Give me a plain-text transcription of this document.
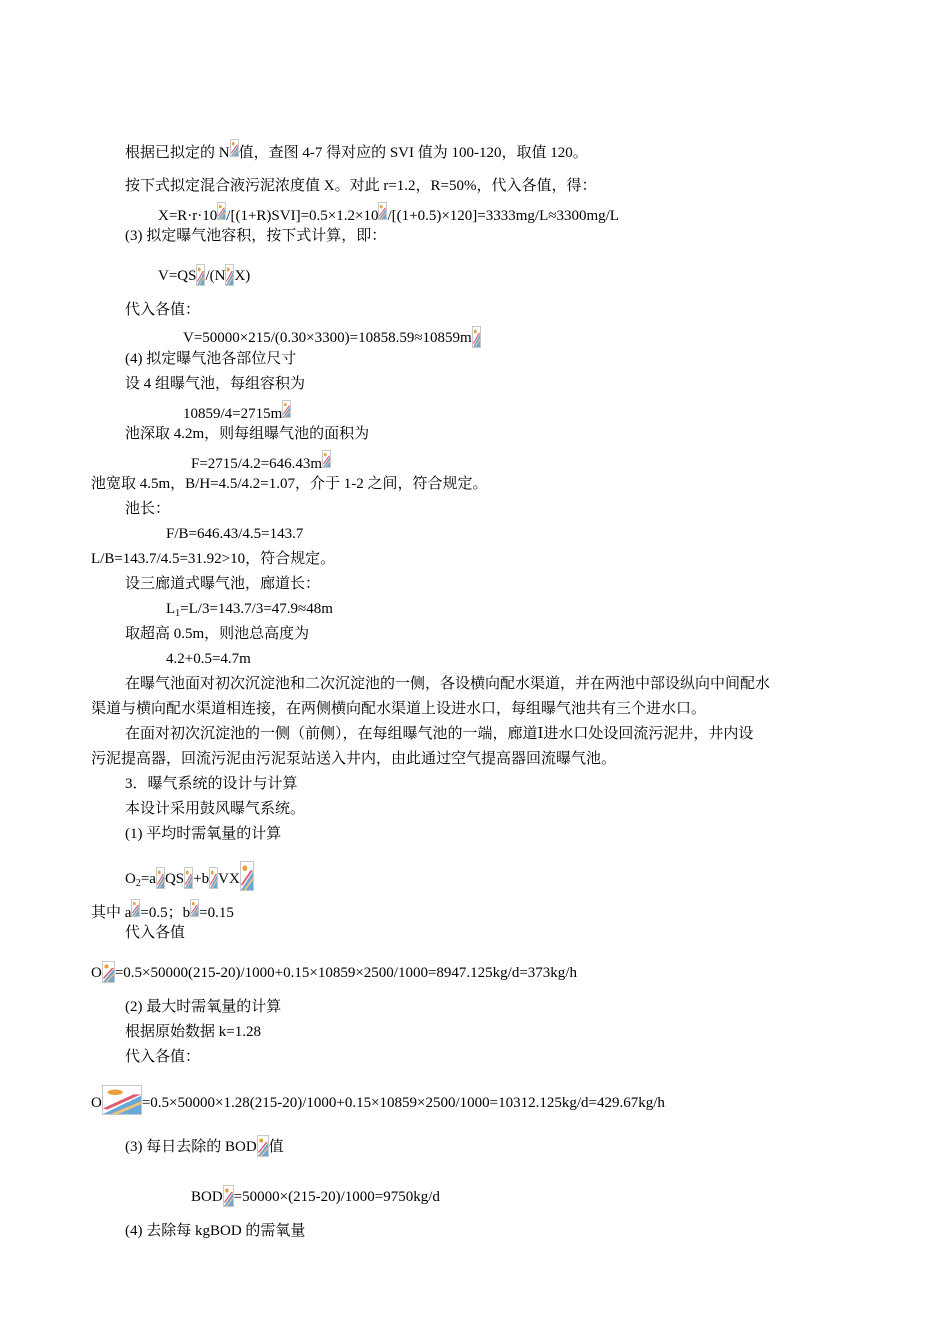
根据已拟定的 N 值，查图 4-7 得对应的 SVI 值为 100-120，取值 120。
按下式拟定混合液污泥浓度值 X。对此 r=1.2，R=50%，代入各值，得：
X=R·r·10 /[(1+R)SVI]=0.5×1.2×10 /[(1+0.5)×120]=3333mg/L≈3300mg/L
(3) 拟定曝气池容积，按下式计算，即：
V=QS /(N X)
代入各值：
V=50000×215/(0.30×3300)=10858.59≈10859m
(4) 拟定曝气池各部位尺寸
设 4 组曝气池，每组容积为
10859/4=2715m
池深取 4.2m，则每组曝气池的面积为
F=2715/4.2=646.43m
池宽取 4.5m，B/H=4.5/4.2=1.07，介于 1-2 之间，符合规定。
池长：
F/B=646.43/4.5=143.7
L/B=143.7/4.5=31.92>10，符合规定。
设三廊道式曝气池，廊道长：
$L_1=L/3=143.7/3=47.9\approx 48m$
取超高 0.5m，则池总高度为
4.2+0.5=4.7m
在曝气池面对初次沉淀池和二次沉淀池的一侧，各设横向配水渠道，并在两池中部设纵向中间配水
渠道与横向配水渠道相连接，在两侧横向配水渠道上设进水口，每组曝气池共有三个进水口。
在面对初次沉淀池的一侧（前侧），在每组曝气池的一端，廊道Ⅰ进水口处设回流污泥井，井内设
污泥提高器，回流污泥由污泥泵站送入井内，由此通过空气提高器回流曝气池。
3．曝气系统的设计与计算
本设计采用鼓风曝气系统。
(1) 平均时需氧量的计算
$O_2=a$ QS +b VX
其中 a =0.5；b =0.15
代入各值
O =0.5×50000(215-20)/1000+0.15×10859×2500/1000=8947.125kg/d=373kg/h
(2) 最大时需氧量的计算
根据原始数据 k=1.28
代入各值：
O	=0.5×50000×1.28(215-20)/1000+0.15×10859×2500/1000=10312.125kg/d=429.67kg/h
(3) 每日去除的 BOD 值
BOD =50000×(215-20)/1000=9750kg/d
(4) 去除每 kgBOD 的需氧量
